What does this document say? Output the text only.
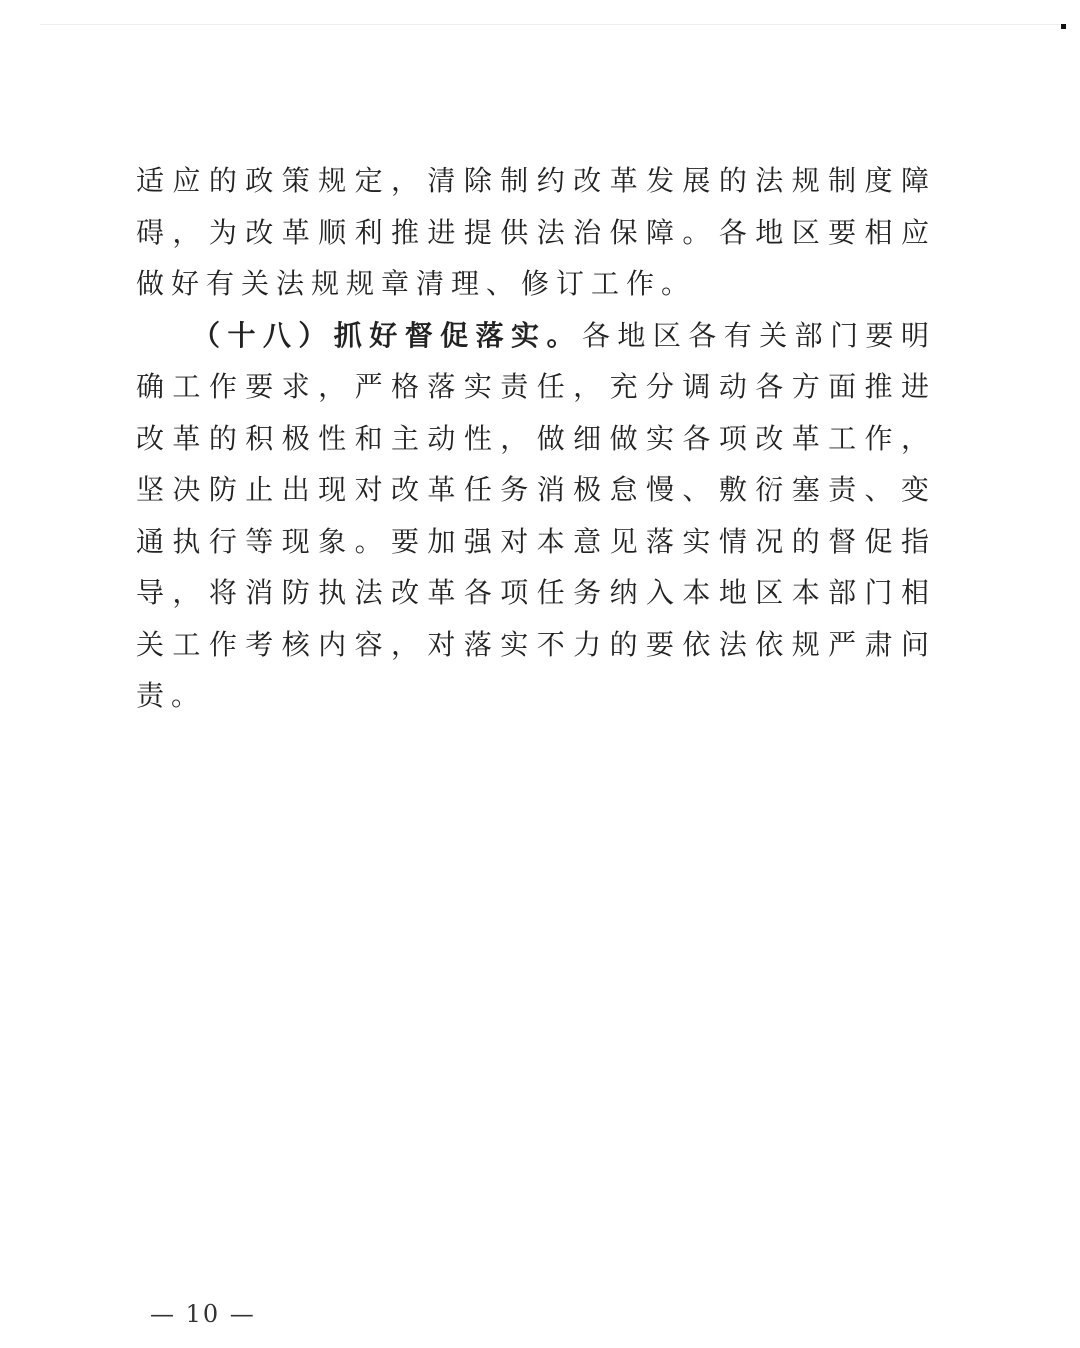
适应的政策规定，清除制约改革发展的法规制度障碍，为改革顺利推进提供法治保障。各地区要相应做好有关法规规章清理、修订工作。

（十八）抓好督促落实。各地区各有关部门要明确工作要求，严格落实责任，充分调动各方面推进改革的积极性和主动性，做细做实各项改革工作，坚决防止出现对改革任务消极怠慢、敷衍塞责、变通执行等现象。要加强对本意见落实情况的督促指导，将消防执法改革各项任务纳入本地区本部门相关工作考核内容，对落实不力的要依法依规严肃问责。

— 10 —
